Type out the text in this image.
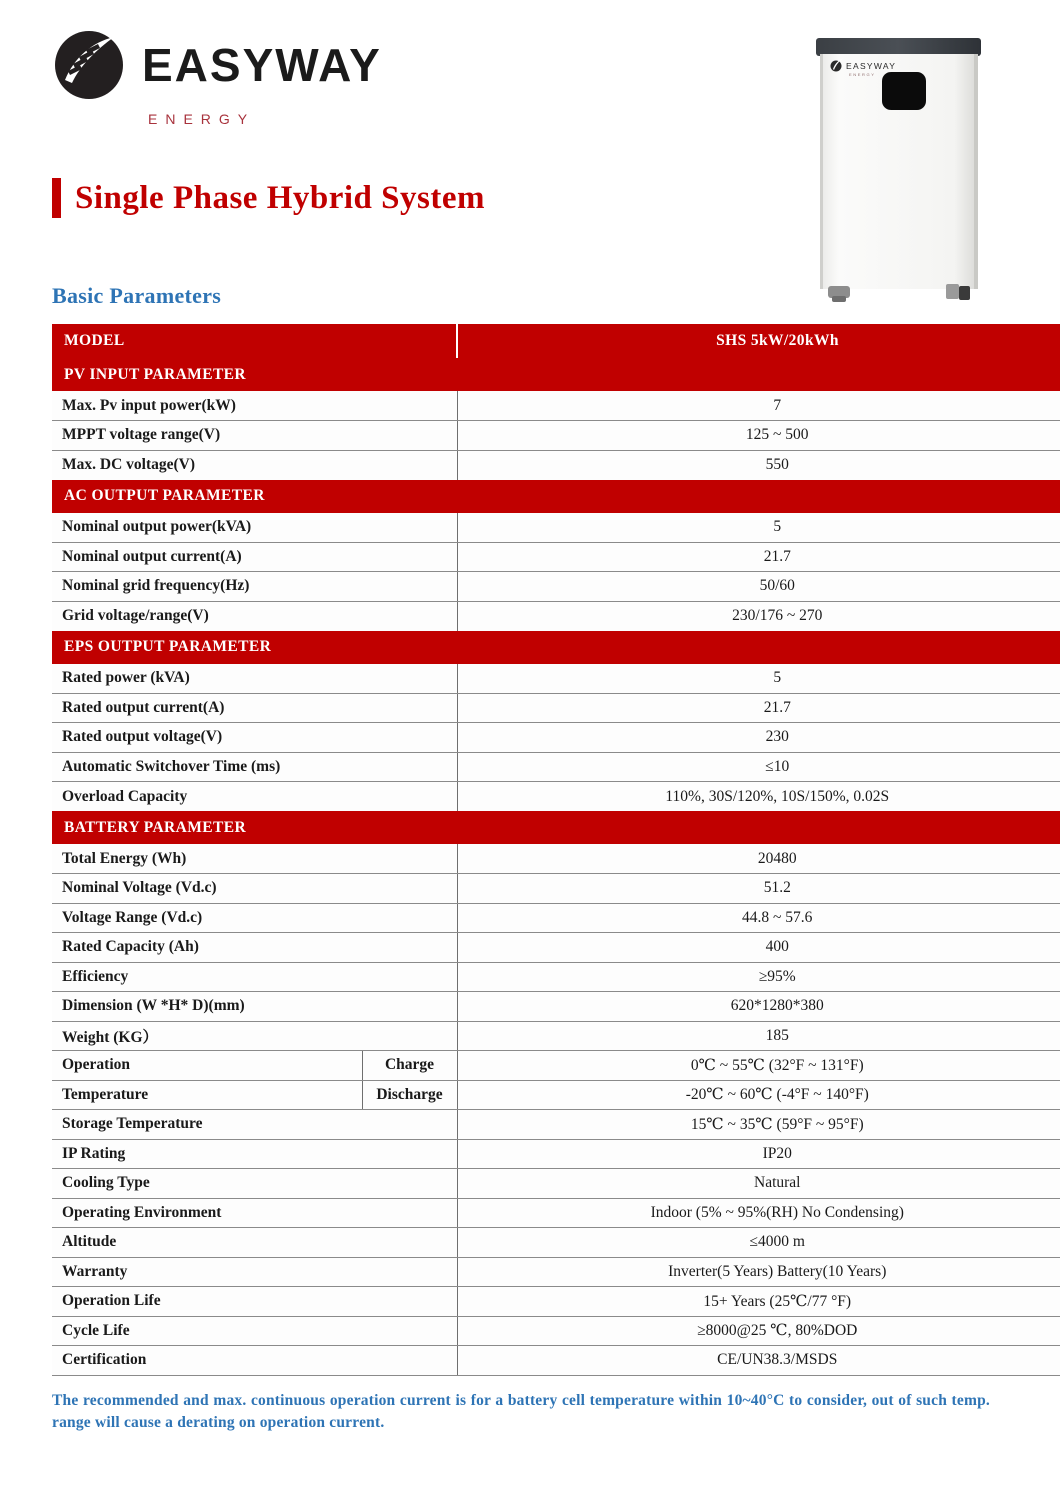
EASYWAY
ENERGY
EASYWAY
ENERGY
Single Phase Hybrid System
Basic Parameters
MODEL		SHS 5kW/20kWh
PV INPUT PARAMETER		
Max. Pv input power(kW)		7
MPPT voltage range(V)		125 ~ 500
Max. DC voltage(V)		550
AC OUTPUT PARAMETER		
Nominal output power(kVA)		5
Nominal output current(A)		21.7
Nominal grid frequency(Hz)		50/60
Grid voltage/range(V)		230/176 ~ 270
EPS OUTPUT PARAMETER		
Rated power (kVA)		5
Rated output current(A)		21.7
Rated output voltage(V)		230
Automatic Switchover Time (ms)		≤10
Overload Capacity		110%, 30S/120%, 10S/150%, 0.02S
BATTERY PARAMETER		
Total Energy (Wh)		20480
Nominal Voltage (Vd.c)		51.2
Voltage Range (Vd.c)		44.8 ~ 57.6
Rated Capacity (Ah)		400
Efficiency		≥95%
Dimension (W *H* D)(mm)		620*1280*380
Weight (KG）		185
Operation	Charge	0℃ ~ 55℃ (32°F ~ 131°F)
Temperature	Discharge	-20℃ ~ 60℃ (-4°F ~ 140°F)
Storage Temperature		15℃ ~ 35℃ (59°F ~ 95°F)
IP Rating		IP20
Cooling Type		Natural
Operating Environment		Indoor (5% ~ 95%(RH) No Condensing)
Altitude		≤4000 m
Warranty		Inverter(5 Years) Battery(10 Years)
Operation Life		15+ Years (25℃/77 °F)
Cycle Life		≥8000@25 ℃, 80%DOD
Certification		CE/UN38.3/MSDS
The recommended and max. continuous operation current is for a battery cell temperature within 10~40°C to consider, out of such temp. range will cause a derating on operation current.
